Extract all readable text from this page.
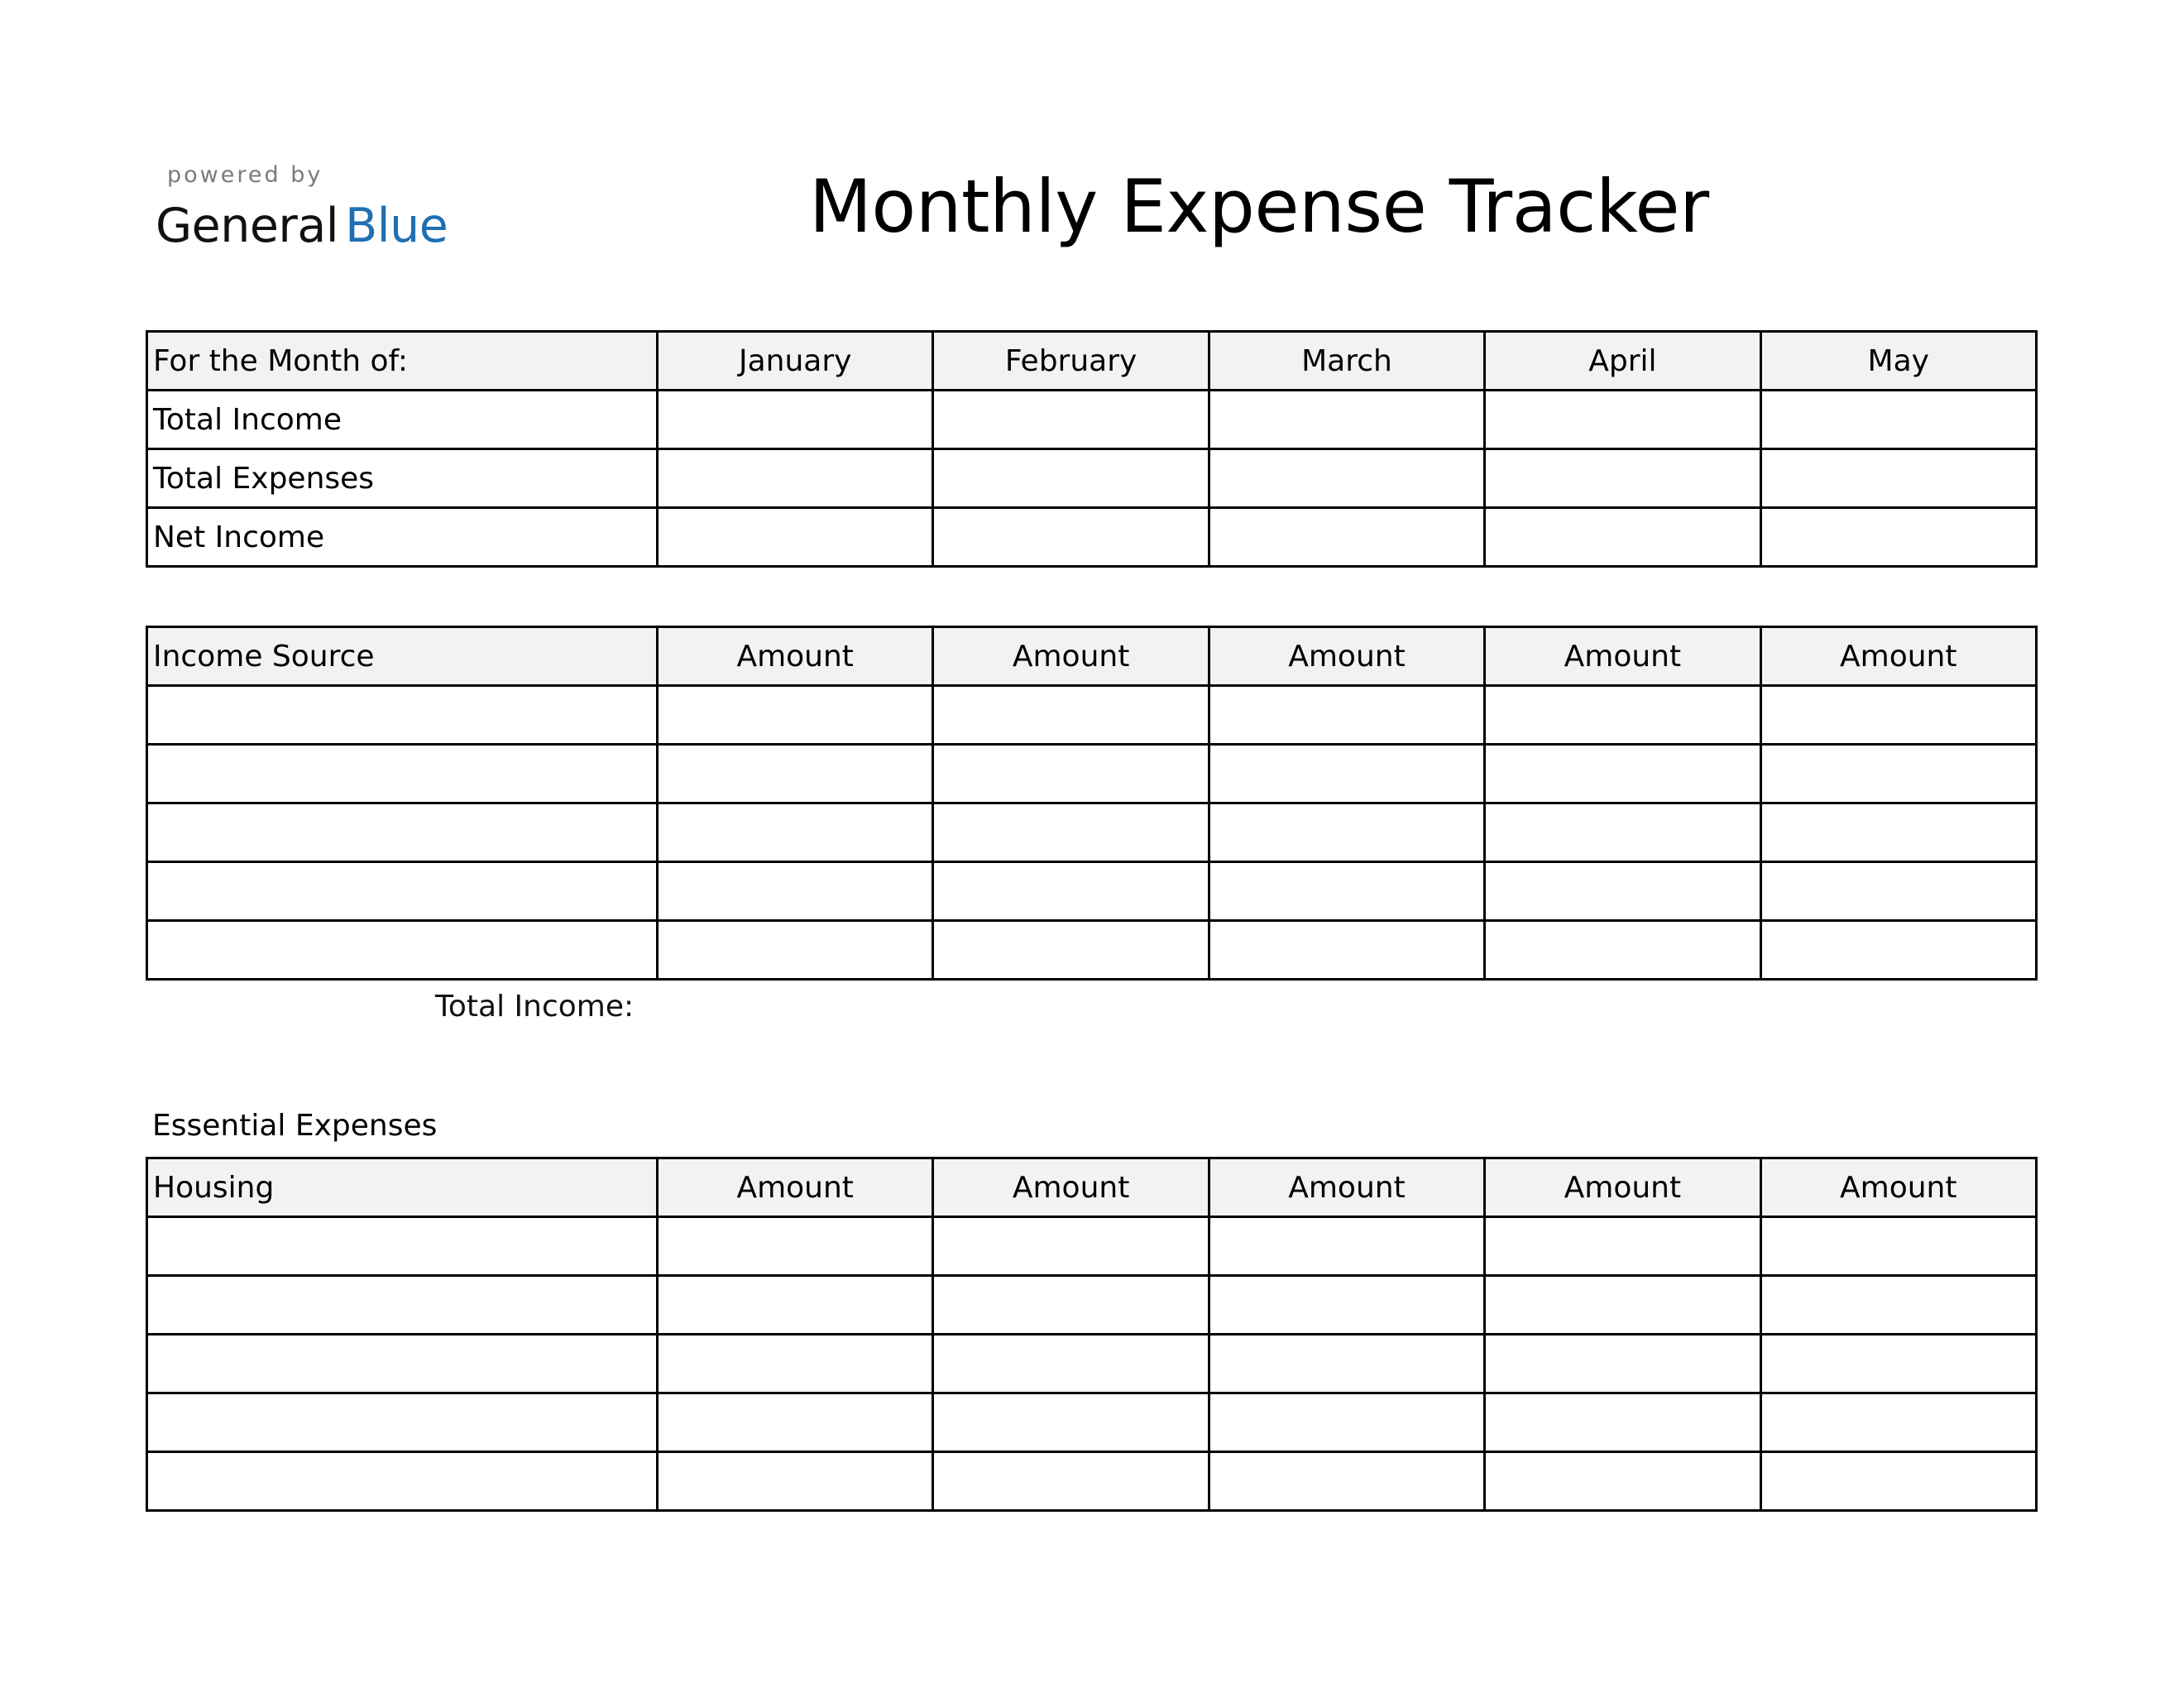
powered by
General Blue	Monthly Expense Tracker
For the Month of:	January	February	March	April	May
Total Income					
Total Expenses					
Net Income					
Income Source	Amount	Amount	Amount	Amount	Amount

Total Income:
Essential Expenses
Housing	Amount	Amount	Amount	Amount	Amount
